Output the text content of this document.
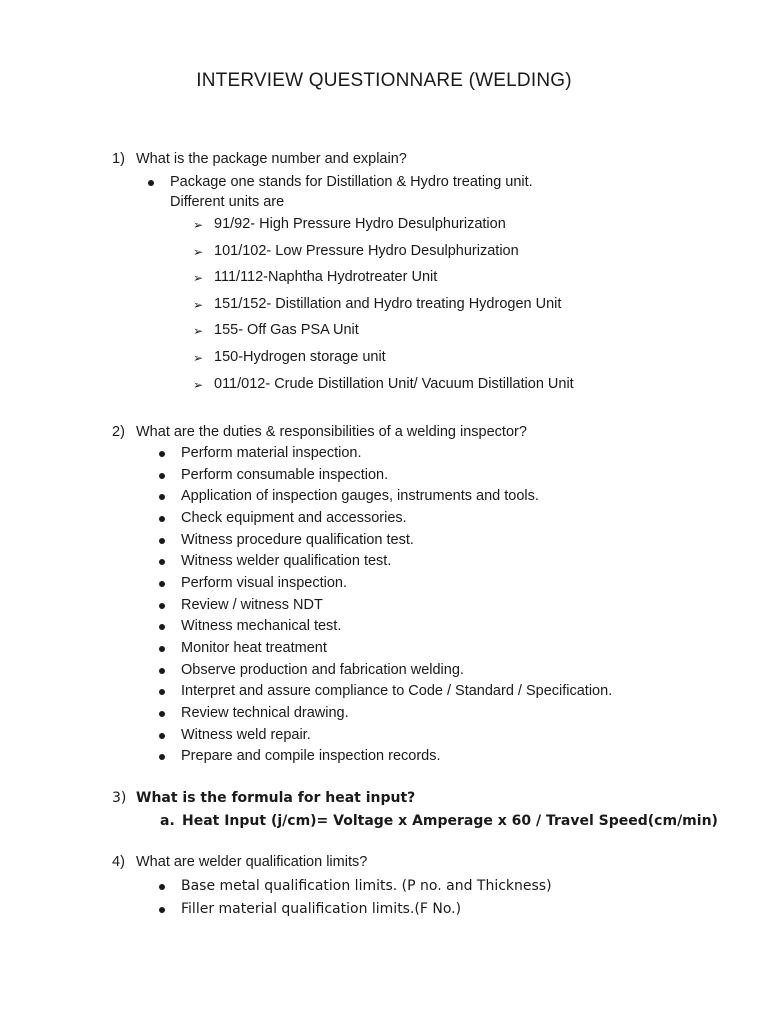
INTERVIEW QUESTIONNARE (WELDING)
1) What is the package number and explain?
Package one stands for Distillation & Hydro treating unit.
Different units are
➢ 91/92- High Pressure Hydro Desulphurization
➢ 101/102- Low Pressure Hydro Desulphurization
➢ 111/112-Naphtha Hydrotreater Unit
➢ 151/152- Distillation and Hydro treating Hydrogen Unit
➢ 155- Off Gas PSA Unit
➢ 150-Hydrogen storage unit
➢ 011/012- Crude Distillation Unit/ Vacuum Distillation Unit
2) What are the duties & responsibilities of a welding inspector?
Perform material inspection.
Perform consumable inspection.
Application of inspection gauges, instruments and tools.
Check equipment and accessories.
Witness procedure qualification test.
Witness welder qualification test.
Perform visual inspection.
Review / witness NDT
Witness mechanical test.
Monitor heat treatment
Observe production and fabrication welding.
Interpret and assure compliance to Code / Standard / Specification.
Review technical drawing.
Witness weld repair.
Prepare and compile inspection records.
3) What is the formula for heat input?
a. Heat Input (j/cm)= Voltage x Amperage x 60 / Travel Speed(cm/min)
4) What are welder qualification limits?
Base metal qualification limits. (P no. and Thickness)
Filler material qualification limits.(F No.)
